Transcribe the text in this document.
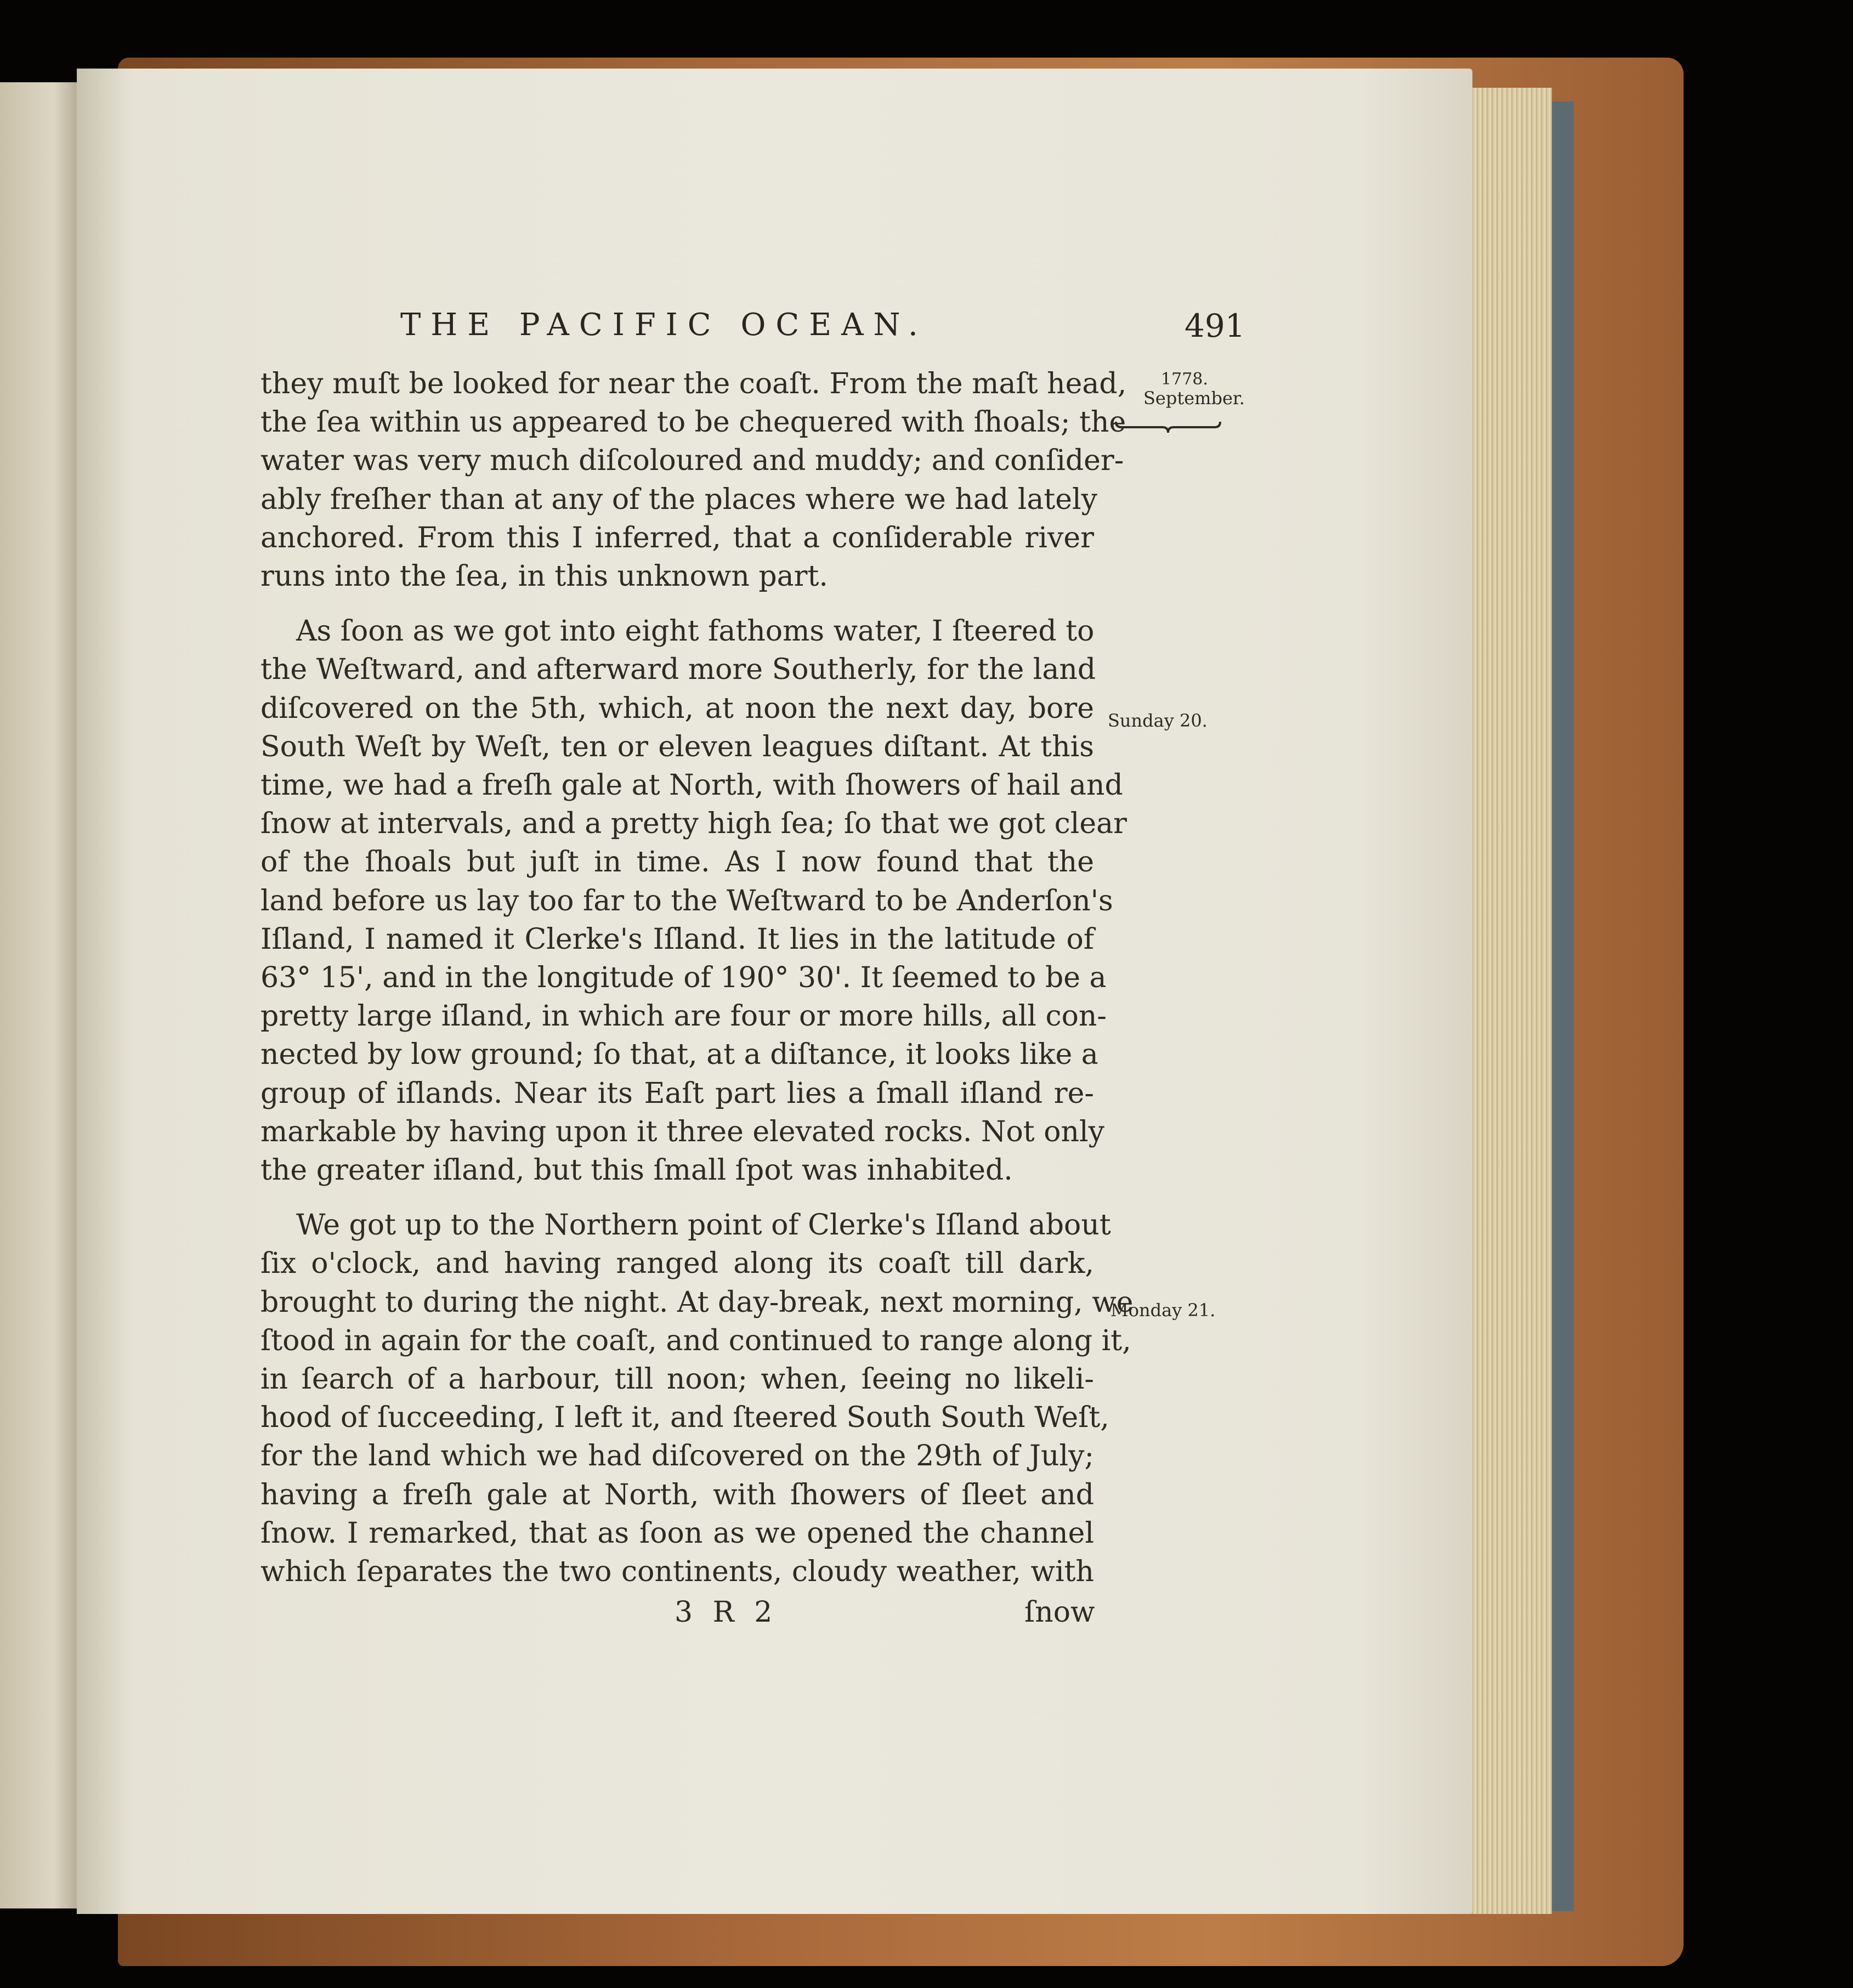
THE PACIFIC OCEAN.	491
1778.
September.
Sunday 20.
Monday 21.

they muſt be looked for near the coaſt. From the maſt head,
the ſea within us appeared to be chequered with ſhoals; the
water was very much diſcoloured and muddy; and conſider-
ably freſher than at any of the places where we had lately
anchored. From this I inferred, that a conſiderable river
runs into the ſea, in this unknown part.

As ſoon as we got into eight fathoms water, I ſteered to
the Weſtward, and afterward more Southerly, for the land
diſcovered on the 5th, which, at noon the next day, bore
South Weſt by Weſt, ten or eleven leagues diſtant. At this
time, we had a freſh gale at North, with ſhowers of hail and
ſnow at intervals, and a pretty high ſea; ſo that we got clear
of the ſhoals but juſt in time. As I now found that the
land before us lay too far to the Weſtward to be Anderſon's
Iſland, I named it Clerke's Iſland. It lies in the latitude of
63° 15', and in the longitude of 190° 30'. It ſeemed to be a
pretty large iſland, in which are four or more hills, all con-
nected by low ground; ſo that, at a diſtance, it looks like a
group of iſlands. Near its Eaſt part lies a ſmall iſland re-
markable by having upon it three elevated rocks. Not only
the greater iſland, but this ſmall ſpot was inhabited.

We got up to the Northern point of Clerke's Iſland about
ſix o'clock, and having ranged along its coaſt till dark,
brought to during the night. At day-break, next morning, we
ſtood in again for the coaſt, and continued to range along it,
in ſearch of a harbour, till noon; when, ſeeing no likeli-
hood of ſucceeding, I left it, and ſteered South South Weſt,
for the land which we had diſcovered on the 29th of July;
having a freſh gale at North, with ſhowers of ſleet and
ſnow. I remarked, that as ſoon as we opened the channel
which ſeparates the two continents, cloudy weather, with

3 R 2	ſnow
